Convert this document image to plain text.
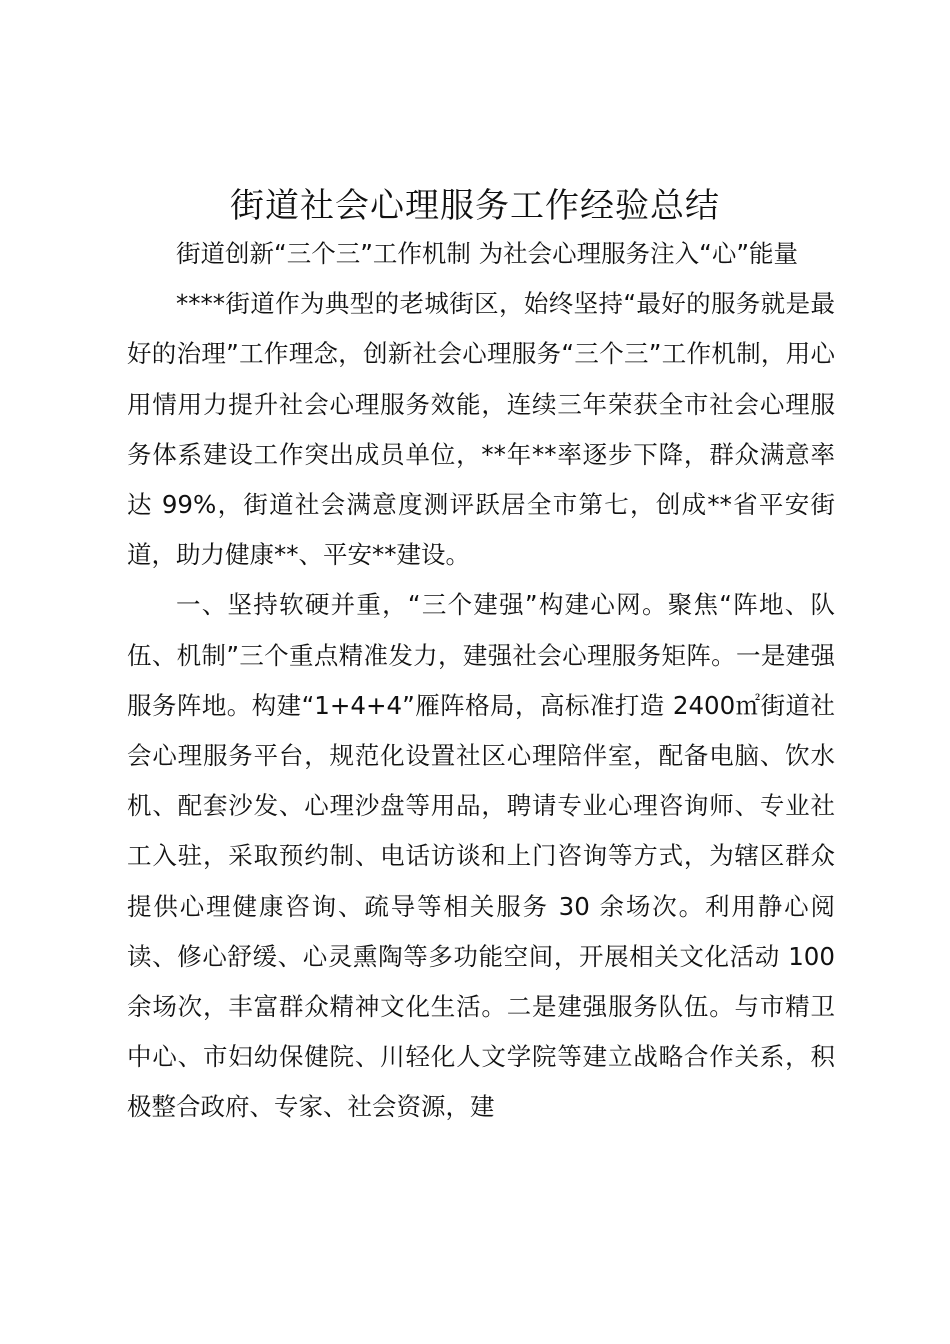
街道社会心理服务工作经验总结

街道创新“三个三”工作机制 为社会心理服务注入“心”能量

****街道作为典型的老城街区，始终坚持“最好的服务就是最好的治理”工作理念，创新社会心理服务“三个三”工作机制，用心用情用力提升社会心理服务效能，连续三年荣获全市社会心理服务体系建设工作突出成员单位，**年**率逐步下降，群众满意率达 99%，街道社会满意度测评跃居全市第七，创成**省平安街道，助力健康**、平安**建设。

一、坚持软硬并重，“三个建强”构建心网。聚焦“阵地、队伍、机制”三个重点精准发力，建强社会心理服务矩阵。一是建强服务阵地。构建“1+4+4”雁阵格局，高标准打造 2400㎡街道社会心理服务平台，规范化设置社区心理陪伴室，配备电脑、饮水机、配套沙发、心理沙盘等用品，聘请专业心理咨询师、专业社工入驻，采取预约制、电话访谈和上门咨询等方式，为辖区群众提供心理健康咨询、疏导等相关服务 30 余场次。利用静心阅读、修心舒缓、心灵熏陶等多功能空间，开展相关文化活动 100 余场次，丰富群众精神文化生活。二是建强服务队伍。与市精卫中心、市妇幼保健院、川轻化人文学院等建立战略合作关系，积极整合政府、专家、社会资源，建
